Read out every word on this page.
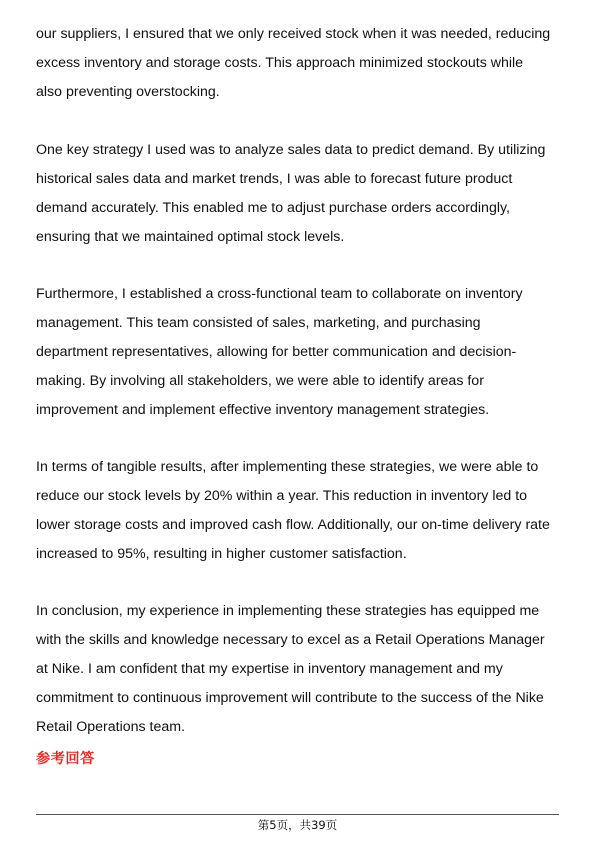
our suppliers, I ensured that we only received stock when it was needed, reducing
excess inventory and storage costs. This approach minimized stockouts while
also preventing overstocking.

One key strategy I used was to analyze sales data to predict demand. By utilizing
historical sales data and market trends, I was able to forecast future product
demand accurately. This enabled me to adjust purchase orders accordingly,
ensuring that we maintained optimal stock levels.

Furthermore, I established a cross-functional team to collaborate on inventory
management. This team consisted of sales, marketing, and purchasing
department representatives, allowing for better communication and decision-
making. By involving all stakeholders, we were able to identify areas for
improvement and implement effective inventory management strategies.

In terms of tangible results, after implementing these strategies, we were able to
reduce our stock levels by 20% within a year. This reduction in inventory led to
lower storage costs and improved cash flow. Additionally, our on-time delivery rate
increased to 95%, resulting in higher customer satisfaction.

In conclusion, my experience in implementing these strategies has equipped me
with the skills and knowledge necessary to excel as a Retail Operations Manager
at Nike. I am confident that my expertise in inventory management and my
commitment to continuous improvement will contribute to the success of the Nike
Retail Operations team.

参考回答
第5页，共39页
